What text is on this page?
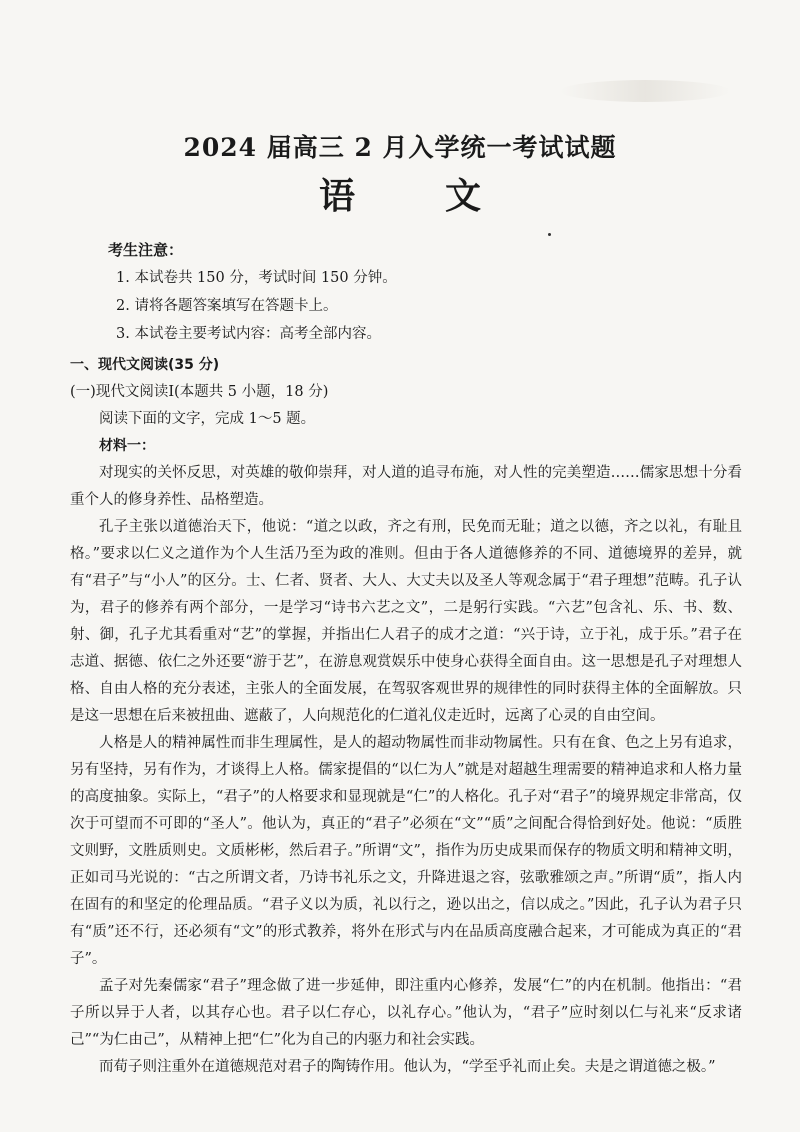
2024 届高三 2 月入学统一考试试题
语	文
考生注意：
1. 本试卷共 150 分，考试时间 150 分钟。
2. 请将各题答案填写在答题卡上。
3. 本试卷主要考试内容：高考全部内容。
一、现代文阅读(35 分)
(一)现代文阅读Ⅰ(本题共 5 小题，18 分)
阅读下面的文字，完成 1～5 题。
材料一：

对现实的关怀反思，对英雄的敬仰崇拜，对人道的追寻布施，对人性的完美塑造……儒家思想十分看重个人的修身养性、品格塑造。

孔子主张以道德治天下，他说：“道之以政，齐之有刑，民免而无耻；道之以德，齐之以礼，有耻且格。”要求以仁义之道作为个人生活乃至为政的准则。但由于各人道德修养的不同、道德境界的差异，就有“君子”与“小人”的区分。士、仁者、贤者、大人、大丈夫以及圣人等观念属于“君子理想”范畴。孔子认为，君子的修养有两个部分，一是学习“诗书六艺之文”，二是躬行实践。“六艺”包含礼、乐、书、数、射、御，孔子尤其看重对“艺”的掌握，并指出仁人君子的成才之道：“兴于诗，立于礼，成于乐。”君子在志道、据德、依仁之外还要“游于艺”，在游息观赏娱乐中使身心获得全面自由。这一思想是孔子对理想人格、自由人格的充分表述，主张人的全面发展，在驾驭客观世界的规律性的同时获得主体的全面解放。只是这一思想在后来被扭曲、遮蔽了，人向规范化的仁道礼仪走近时，远离了心灵的自由空间。

人格是人的精神属性而非生理属性，是人的超动物属性而非动物属性。只有在食、色之上另有追求，另有坚持，另有作为，才谈得上人格。儒家提倡的“以仁为人”就是对超越生理需要的精神追求和人格力量的高度抽象。实际上，“君子”的人格要求和显现就是“仁”的人格化。孔子对“君子”的境界规定非常高，仅次于可望而不可即的“圣人”。他认为，真正的“君子”必须在“文”“质”之间配合得恰到好处。他说：“质胜文则野，文胜质则史。文质彬彬，然后君子。”所谓“文”，指作为历史成果而保存的物质文明和精神文明，正如司马光说的：“古之所谓文者，乃诗书礼乐之文，升降进退之容，弦歌雅颂之声。”所谓“质”，指人内在固有的和坚定的伦理品质。“君子义以为质，礼以行之，逊以出之，信以成之。”因此，孔子认为君子只有“质”还不行，还必须有“文”的形式教养，将外在形式与内在品质高度融合起来，才可能成为真正的“君子”。

孟子对先秦儒家“君子”理念做了进一步延伸，即注重内心修养，发展“仁”的内在机制。他指出：“君子所以异于人者，以其存心也。君子以仁存心，以礼存心。”他认为，“君子”应时刻以仁与礼来“反求诸己”“为仁由己”，从精神上把“仁”化为自己的内驱力和社会实践。

而荀子则注重外在道德规范对君子的陶铸作用。他认为，“学至乎礼而止矣。夫是之谓道德之极。”
